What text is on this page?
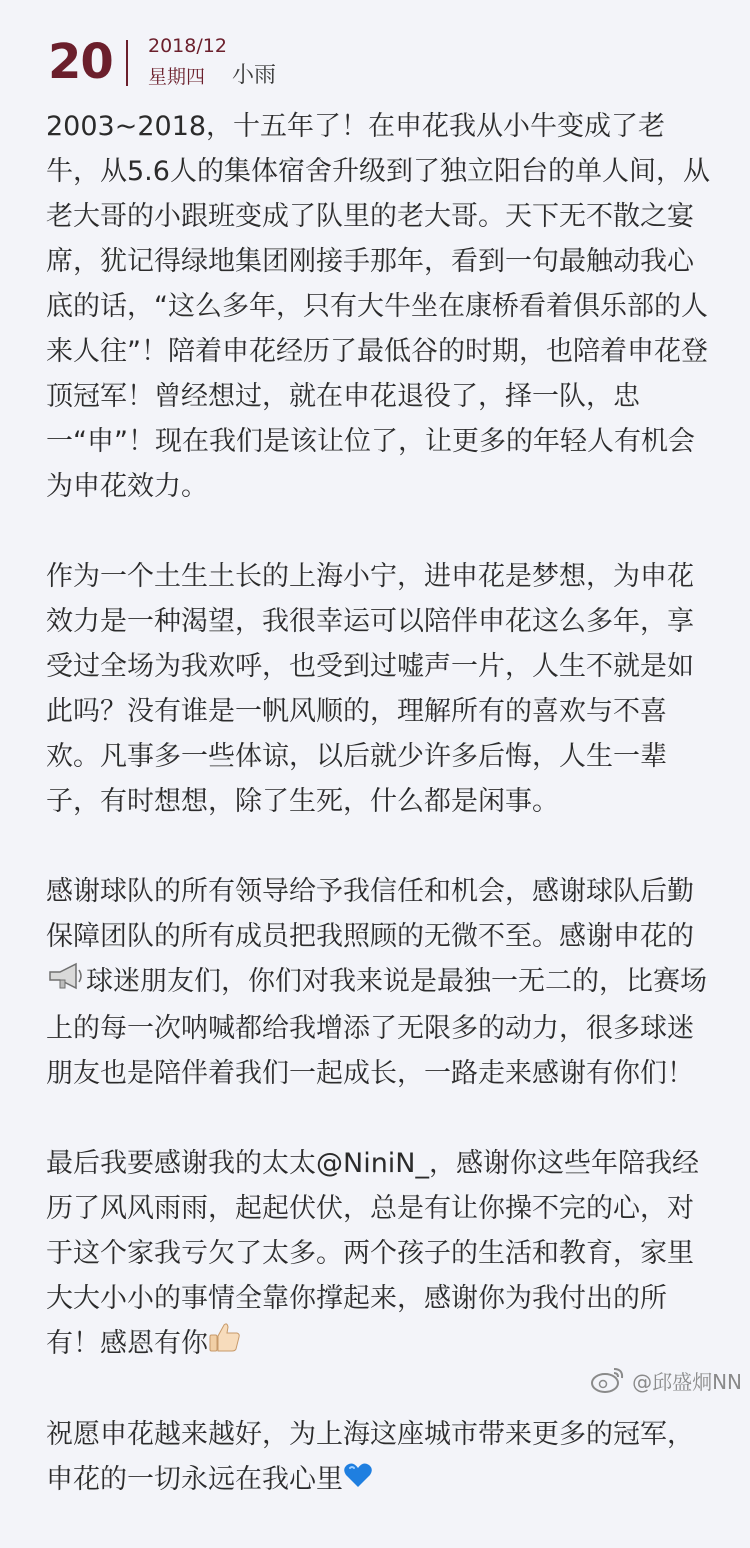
20 2018/12
星期四 小雨

2003~2018，十五年了！在申花我从小牛变成了老牛，从5.6人的集体宿舍升级到了独立阳台的单人间，从老大哥的小跟班变成了队里的老大哥。天下无不散之宴席，犹记得绿地集团刚接手那年，看到一句最触动我心底的话，“这么多年，只有大牛坐在康桥看着俱乐部的人来人往”！陪着申花经历了最低谷的时期，也陪着申花登顶冠军！曾经想过，就在申花退役了，择一队，忠一“申”！现在我们是该让位了，让更多的年轻人有机会为申花效力。

作为一个土生土长的上海小宁，进申花是梦想，为申花效力是一种渴望，我很幸运可以陪伴申花这么多年，享受过全场为我欢呼，也受到过嘘声一片，人生不就是如此吗？没有谁是一帆风顺的，理解所有的喜欢与不喜欢。凡事多一些体谅，以后就少许多后悔，人生一辈子，有时想想，除了生死，什么都是闲事。

感谢球队的所有领导给予我信任和机会，感谢球队后勤保障团队的所有成员把我照顾的无微不至。感谢申花的球迷朋友们，你们对我来说是最独一无二的，比赛场上的每一次呐喊都给我增添了无限多的动力，很多球迷朋友也是陪伴着我们一起成长，一路走来感谢有你们！

最后我要感谢我的太太@NiniN_，感谢你这些年陪我经历了风风雨雨，起起伏伏，总是有让你操不完的心，对于这个家我亏欠了太多。两个孩子的生活和教育，家里大大小小的事情全靠你撑起来，感谢你为我付出的所有！感恩有你

祝愿申花越来越好，为上海这座城市带来更多的冠军，申花的一切永远在我心里

@邱盛炯NN
